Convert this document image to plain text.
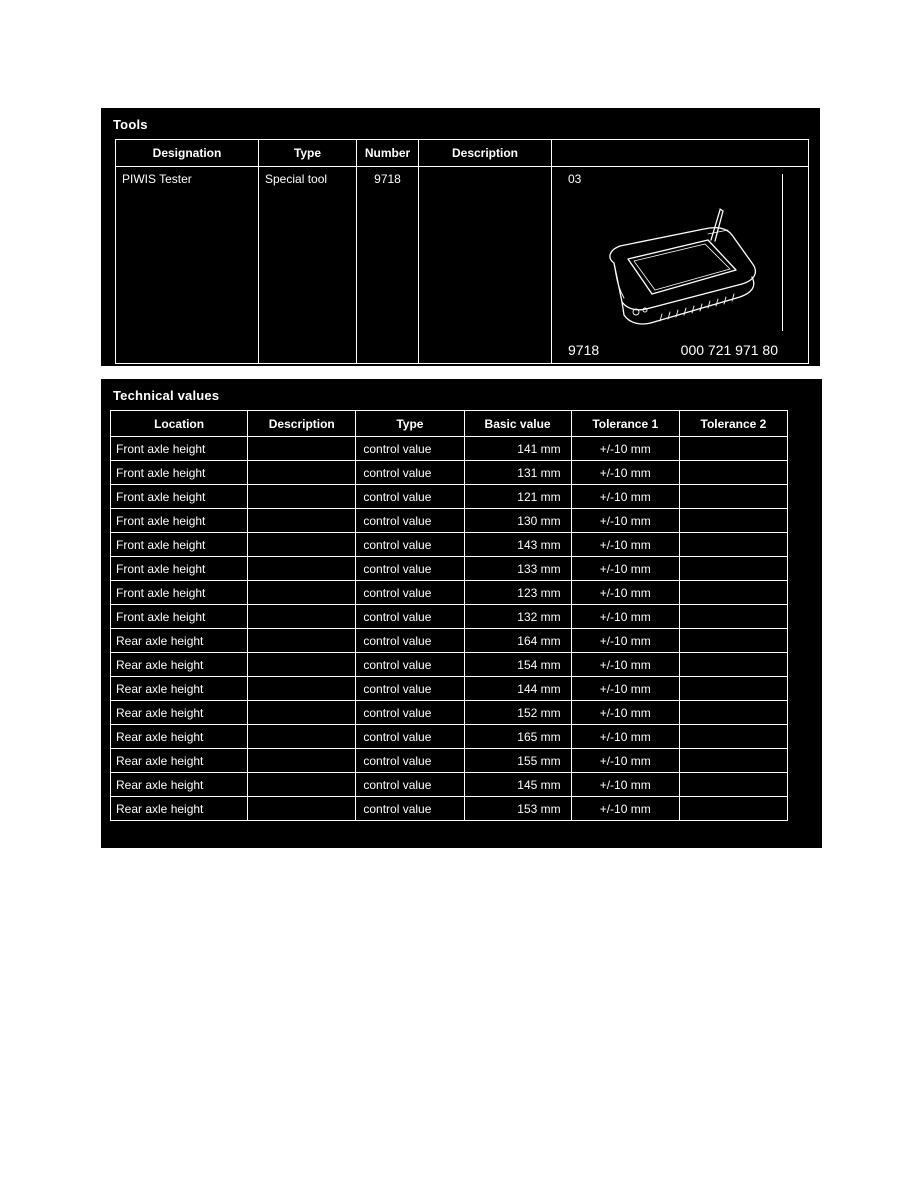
Tools
Designation	Type	Number	Description	
PIWIS Tester	Special tool	9718		03
9718 000 721 971 80
Technical values
Location	Description	Type	Basic value	Tolerance 1	Tolerance 2
Front axle height		control value	141 mm	+/-10 mm	
Front axle height		control value	131 mm	+/-10 mm	
Front axle height		control value	121 mm	+/-10 mm	
Front axle height		control value	130 mm	+/-10 mm	
Front axle height		control value	143 mm	+/-10 mm	
Front axle height		control value	133 mm	+/-10 mm	
Front axle height		control value	123 mm	+/-10 mm	
Front axle height		control value	132 mm	+/-10 mm	
Rear axle height		control value	164 mm	+/-10 mm	
Rear axle height		control value	154 mm	+/-10 mm	
Rear axle height		control value	144 mm	+/-10 mm	
Rear axle height		control value	152 mm	+/-10 mm	
Rear axle height		control value	165 mm	+/-10 mm	
Rear axle height		control value	155 mm	+/-10 mm	
Rear axle height		control value	145 mm	+/-10 mm	
Rear axle height		control value	153 mm	+/-10 mm	
